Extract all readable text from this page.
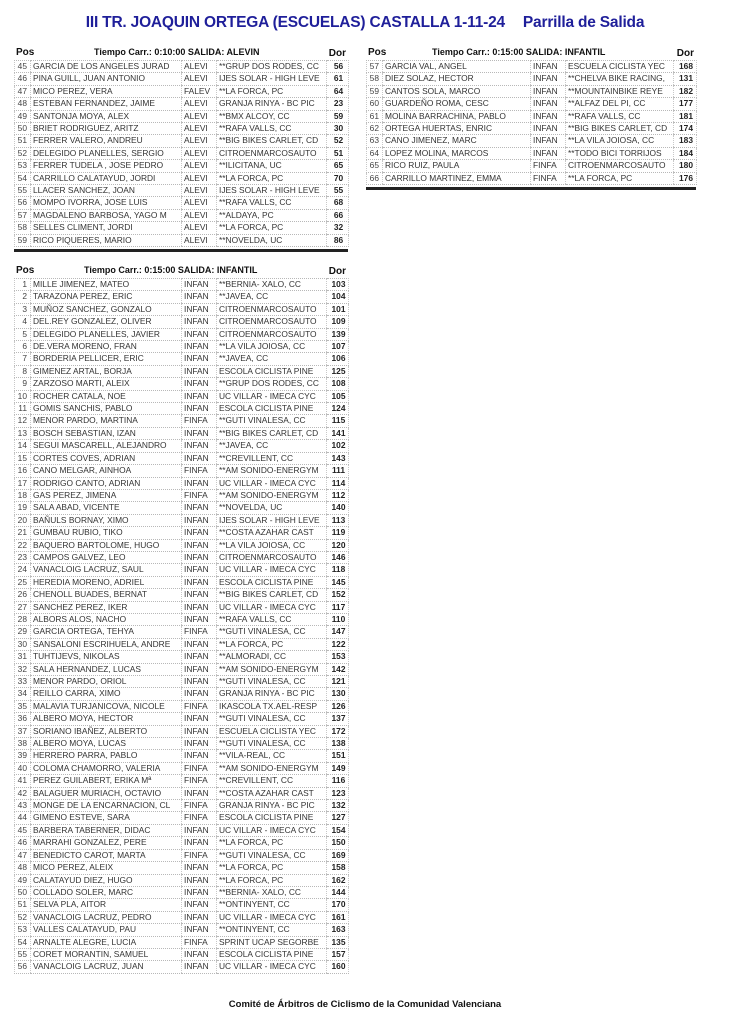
III TR. JOAQUIN ORTEGA (ESCUELAS) CASTALLA 1-11-24 Parrilla de Salida
Pos	Tiempo Carr.: 0:10:00 SALIDA: ALEVIN	Dor
45	GARCIA DE LOS ANGELES JURAD	ALEVI	**GRUP DOS RODES, CC	56
46	PINA GUILL, JUAN ANTONIO	ALEVI	IJES SOLAR - HIGH LEVE	61
47	MICO PEREZ, VERA	FALEV	**LA FORCA, PC	64
48	ESTEBAN FERNANDEZ, JAIME	ALEVI	GRANJA RINYA - BC PIC	23
49	SANTONJA MOYA, ALEX	ALEVI	**BMX ALCOY, CC	59
50	BRIET RODRIGUEZ, ARITZ	ALEVI	**RAFA VALLS, CC	30
51	FERRER VALERO, ANDREU	ALEVI	**BIG BIKES CARLET, CD	52
52	DELEGIDO PLANELLES, SERGIO	ALEVI	CITROENMARCOSAUTO	51
53	FERRER TUDELA , JOSE PEDRO	ALEVI	**ILICITANA, UC	65
54	CARRILLO CALATAYUD, JORDI	ALEVI	**LA FORCA, PC	70
55	LLACER SANCHEZ, JOAN	ALEVI	IJES SOLAR - HIGH LEVE	55
56	MOMPO IVORRA, JOSE LUIS	ALEVI	**RAFA VALLS, CC	68
57	MAGDALENO BARBOSA, YAGO M	ALEVI	**ALDAYA, PC	66
58	SELLES CLIMENT, JORDI	ALEVI	**LA FORCA, PC	32
59	RICO PIQUERES, MARIO	ALEVI	**NOVELDA, UC	86
Pos	Tiempo Carr.: 0:15:00 SALIDA: INFANTIL	Dor
57	GARCIA VAL, ANGEL	INFAN	ESCUELA CICLISTA YEC	168
58	DIEZ SOLAZ, HECTOR	INFAN	**CHELVA BIKE RACING,	131
59	CANTOS SOLA, MARCO	INFAN	**MOUNTAINBIKE REYE	182
60	GUARDEÑO ROMA, CESC	INFAN	**ALFAZ DEL PI, CC	177
61	MOLINA BARRACHINA, PABLO	INFAN	**RAFA VALLS, CC	181
62	ORTEGA HUERTAS, ENRIC	INFAN	**BIG BIKES CARLET, CD	174
63	CANO JIMENEZ, MARC	INFAN	**LA VILA JOIOSA, CC	183
64	LOPEZ MOLINA, MARCOS	INFAN	**TODO BICI TORRIJOS	184
65	RICO RUIZ, PAULA	FINFA	CITROENMARCOSAUTO	180
66	CARRILLO MARTINEZ, EMMA	FINFA	**LA FORCA, PC	176
Pos	Tiempo Carr.: 0:15:00 SALIDA: INFANTIL	Dor
1	MILLE JIMENEZ, MATEO	INFAN	**BERNIA- XALO, CC	103
2	TARAZONA PEREZ, ERIC	INFAN	**JAVEA, CC	104
3	MUÑOZ SANCHEZ, GONZALO	INFAN	CITROENMARCOSAUTO	101
4	DEL.REY GONZALEZ, OLIVER	INFAN	CITROENMARCOSAUTO	109
5	DELEGIDO PLANELLES, JAVIER	INFAN	CITROENMARCOSAUTO	139
6	DE.VERA MORENO, FRAN	INFAN	**LA VILA JOIOSA, CC	107
7	BORDERIA PELLICER, ERIC	INFAN	**JAVEA, CC	106
8	GIMENEZ ARTAL, BORJA	INFAN	ESCOLA CICLISTA PINE	125
9	ZARZOSO MARTI, ALEIX	INFAN	**GRUP DOS RODES, CC	108
10	ROCHER CATALA, NOE	INFAN	UC VILLAR - IMECA CYC	105
11	GOMIS SANCHIS, PABLO	INFAN	ESCOLA CICLISTA PINE	124
12	MENOR PARDO, MARTINA	FINFA	**GUTI VINALESA, CC	115
13	BOSCH SEBASTIAN, IZAN	INFAN	**BIG BIKES CARLET, CD	141
14	SEGUI MASCARELL, ALEJANDRO	INFAN	**JAVEA, CC	102
15	CORTES COVES, ADRIAN	INFAN	**CREVILLENT, CC	143
16	CANO MELGAR, AINHOA	FINFA	**AM SONIDO-ENERGYM	111
17	RODRIGO CANTO, ADRIAN	INFAN	UC VILLAR - IMECA CYC	114
18	GAS PEREZ, JIMENA	FINFA	**AM SONIDO-ENERGYM	112
19	SALA ABAD, VICENTE	INFAN	**NOVELDA, UC	140
20	BAÑULS BORNAY, XIMO	INFAN	IJES SOLAR - HIGH LEVE	113
21	GUMBAU RUBIO, TIKO	INFAN	**COSTA AZAHAR CAST	119
22	BAQUERO BARTOLOME, HUGO	INFAN	**LA VILA JOIOSA, CC	120
23	CAMPOS GALVEZ, LEO	INFAN	CITROENMARCOSAUTO	146
24	VANACLOIG LACRUZ, SAUL	INFAN	UC VILLAR - IMECA CYC	118
25	HEREDIA MORENO, ADRIEL	INFAN	ESCOLA CICLISTA PINE	145
26	CHENOLL BUADES, BERNAT	INFAN	**BIG BIKES CARLET, CD	152
27	SANCHEZ PEREZ, IKER	INFAN	UC VILLAR - IMECA CYC	117
28	ALBORS ALOS, NACHO	INFAN	**RAFA VALLS, CC	110
29	GARCIA ORTEGA, TEHYA	FINFA	**GUTI VINALESA, CC	147
30	SANSALONI ESCRIHUELA, ANDRE	INFAN	**LA FORCA, PC	122
31	TUHTIJEVS, NIKOLAS	INFAN	**ALMORADI, CC	153
32	SALA HERNANDEZ, LUCAS	INFAN	**AM SONIDO-ENERGYM	142
33	MENOR PARDO, ORIOL	INFAN	**GUTI VINALESA, CC	121
34	REILLO CARRA, XIMO	INFAN	GRANJA RINYA - BC PIC	130
35	MALAVIA TURJANICOVA, NICOLE	FINFA	IKASCOLA TX.AEL-RESP	126
36	ALBERO MOYA, HECTOR	INFAN	**GUTI VINALESA, CC	137
37	SORIANO IBAÑEZ, ALBERTO	INFAN	ESCUELA CICLISTA YEC	172
38	ALBERO MOYA, LUCAS	INFAN	**GUTI VINALESA, CC	138
39	HERRERO PARRA, PABLO	INFAN	**VILA-REAL, CC	151
40	COLOMA CHAMORRO, VALERIA	FINFA	**AM SONIDO-ENERGYM	149
41	PEREZ GUILABERT, ERIKA Mª	FINFA	**CREVILLENT, CC	116
42	BALAGUER MURIACH, OCTAVIO	INFAN	**COSTA AZAHAR CAST	123
43	MONGE DE LA ENCARNACION, CL	FINFA	GRANJA RINYA - BC PIC	132
44	GIMENO ESTEVE, SARA	FINFA	ESCOLA CICLISTA PINE	127
45	BARBERA TABERNER, DIDAC	INFAN	UC VILLAR - IMECA CYC	154
46	MARRAHI GONZALEZ, PERE	INFAN	**LA FORCA, PC	150
47	BENEDICTO CAROT, MARTA	FINFA	**GUTI VINALESA, CC	169
48	MICO PEREZ, ALEIX	INFAN	**LA FORCA, PC	158
49	CALATAYUD DIEZ, HUGO	INFAN	**LA FORCA, PC	162
50	COLLADO SOLER, MARC	INFAN	**BERNIA- XALO, CC	144
51	SELVA PLA, AITOR	INFAN	**ONTINYENT, CC	170
52	VANACLOIG LACRUZ, PEDRO	INFAN	UC VILLAR - IMECA CYC	161
53	VALLES CALATAYUD, PAU	INFAN	**ONTINYENT, CC	163
54	ARNALTE ALEGRE, LUCIA	FINFA	SPRINT UCAP SEGORBE	135
55	CORET MORANTIN, SAMUEL	INFAN	ESCOLA CICLISTA PINE	157
56	VANACLOIG LACRUZ, JUAN	INFAN	UC VILLAR - IMECA CYC	160
Comité de Árbitros de Ciclismo de la Comunidad Valenciana
